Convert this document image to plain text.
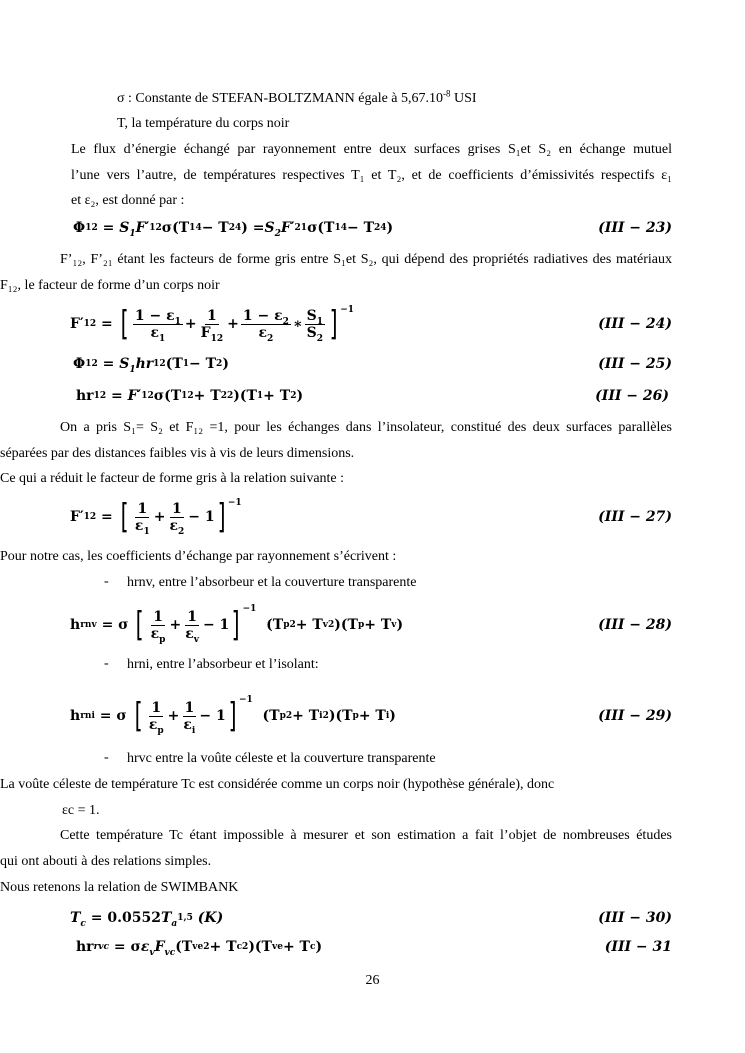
σ : Constante de STEFAN-BOLTZMANN égale à $5,67.10^{-8}$ USI
T, la température du corps noir
Le flux d’énergie échangé par rayonnement entre deux surfaces grises S₁et S₂ en échange mutuel
l’une vers l’autre, de températures respectives T₁ et T₂, et de coefficients d’émissivités respectifs ε₁
et ε₂, est donné par :
Φ $12 = S_1F$ ′ 12 σ(T 1 4 − T 2 4 ) = $S_2F$ ′ 21 σ(T 1 4 − T 2 4 )	(III − 23)
F’₁₂, F’₂₁ étant les facteurs de forme gris entre S₁et S₂, qui dépend des propriétés radiatives des matériaux
F₁₂, le facteur de forme d’un corps noir
F′ 12 = [ $\frac{1 - \varepsilon_1}{\varepsilon_1} + \frac{1}{F_{12}} + \frac{1 - \varepsilon_2}{\varepsilon_2}$ ∗ $\frac{S_1}{S_2}$ ] $^{-1}$
(III − 24)
Φ $12 = S_1hr$ 12 (T 1 − T 2 )	(III − 25)
hr 12 = F ′ 12 σ(T 1 2 + T 2 2 )(T 1 + T 2 )	(III − 26)
On a pris S₁= S₂ et F₁₂ =1, pour les échanges dans l’insolateur, constitué des deux surfaces parallèles
séparées par des distances faibles vis à vis de leurs dimensions.
Ce qui a réduit le facteur de forme gris à la relation suivante :
F′ 12 = [ $\frac{1}{\varepsilon_1} + \frac{1}{\varepsilon_2} - 1$ ] $^{-1}$
(III − 27)
Pour notre cas, les coefficients d’échange par rayonnement s’écrivent :
- hrnv, entre l’absorbeur et la couverture transparente
h rnv = σ [ $\frac{1}{\varepsilon_p} + \frac{1}{\varepsilon_v} - 1$ ] $^{-1}$
(T p 2 + T v 2 )(T p + T v )	(III − 28)
- hrni, entre l’absorbeur et l’isolant:
h rni = σ [ $\frac{1}{\varepsilon_p} + \frac{1}{\varepsilon_i} - 1$ ] $^{-1}$
(T p 2 + T i 2 )(T p + T i )	(III − 29)
- hrvc entre la voûte céleste et la couverture transparente
La voûte céleste de température Tc est considérée comme un corps noir (hypothèse générale), donc
εc = 1.
Cette température Tc étant impossible à mesurer et son estimation a fait l’objet de nombreuses études
qui ont abouti à des relations simples.
Nous retenons la relation de SWIMBANK
$T_c = 0.0552$ $T_a$
1,5
(K)	(III − 30)
hr rvc = σ $\varepsilon_vF_{vc}$ (T ve 2 + T c 2 )(T ve + T c )	(III − 31
26
